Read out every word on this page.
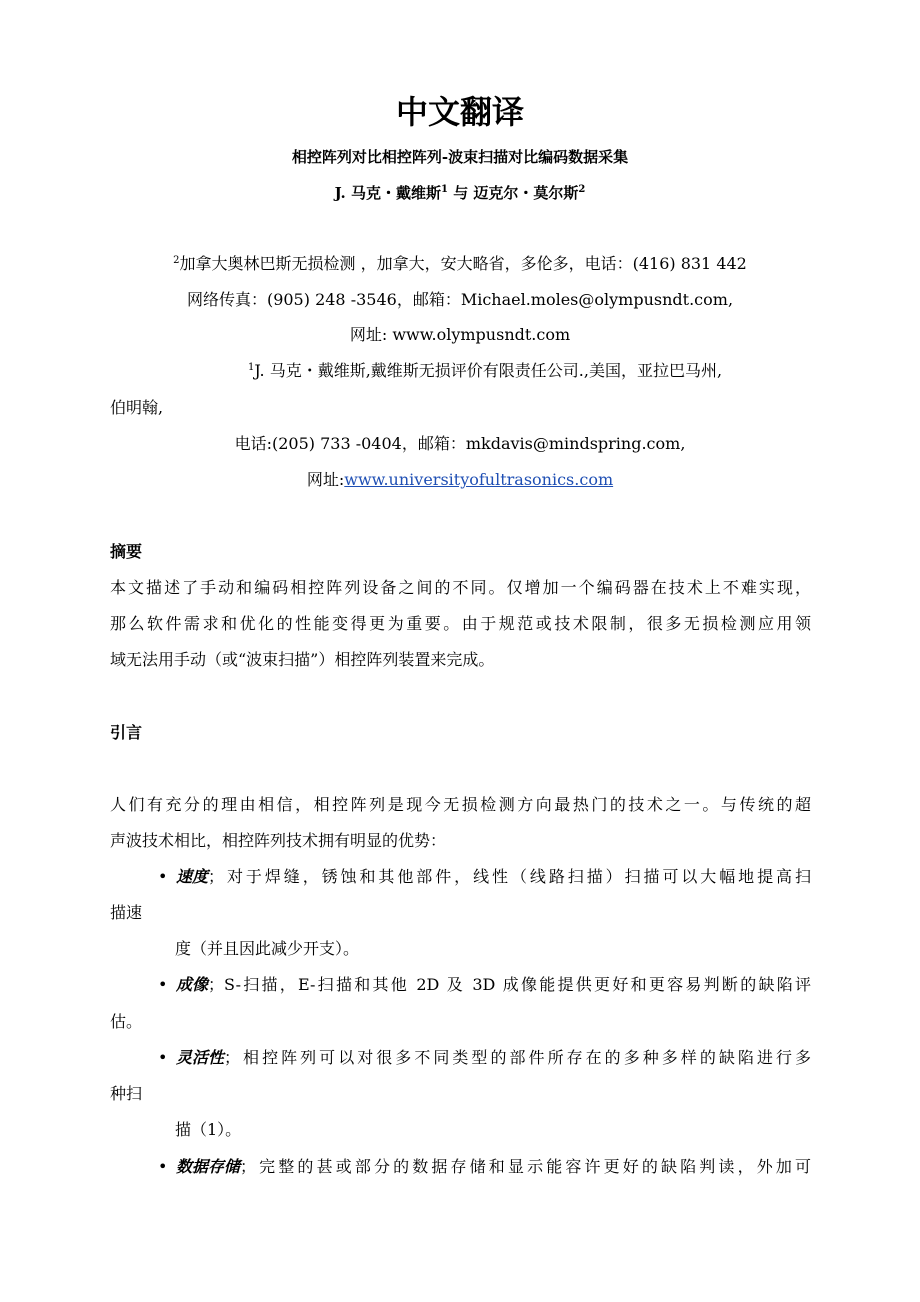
中文翻译
相控阵列对比相控阵列-波束扫描对比编码数据采集
J. 马克・戴维斯$^1$ 与 迈克尔・莫尔斯$^2$
$^2$加拿大奥林巴斯无损检测 ，加拿大，安大略省，多伦多，电话：(416) 831 442
网络传真：(905) 248 -3546，邮箱：Michael.moles@olympusndt.com,
网址: www.olympusndt.com
$^1$J. 马克・戴维斯,戴维斯无损评价有限责任公司.,美国，亚拉巴马州,
伯明翰,
电话:(205) 733 -0404，邮箱：mkdavis@mindspring.com,
网址:www.universityofultrasonics.com
摘要
本文描述了手动和编码相控阵列设备之间的不同。仅增加一个编码器在技术上不难实现，
那么软件需求和优化的性能变得更为重要。由于规范或技术限制，很多无损检测应用领
域无法用手动（或“波束扫描”）相控阵列装置来完成。
引言
人们有充分的理由相信，相控阵列是现今无损检测方向最热门的技术之一。与传统的超
声波技术相比，相控阵列技术拥有明显的优势：
• 速度 ；对于焊缝，锈蚀和其他部件，线性（线路扫描）扫描可以大幅地提高扫
描速
度（并且因此减少开支）。
• 成像 ；S-扫描，E-扫描和其他 2D 及 3D 成像能提供更好和更容易判断的缺陷评
估。
• 灵活性 ；相控阵列可以对很多不同类型的部件所存在的多种多样的缺陷进行多
种扫
描（1）。
• 数据存储 ；完整的甚或部分的数据存储和显示能容许更好的缺陷判读，外加可
